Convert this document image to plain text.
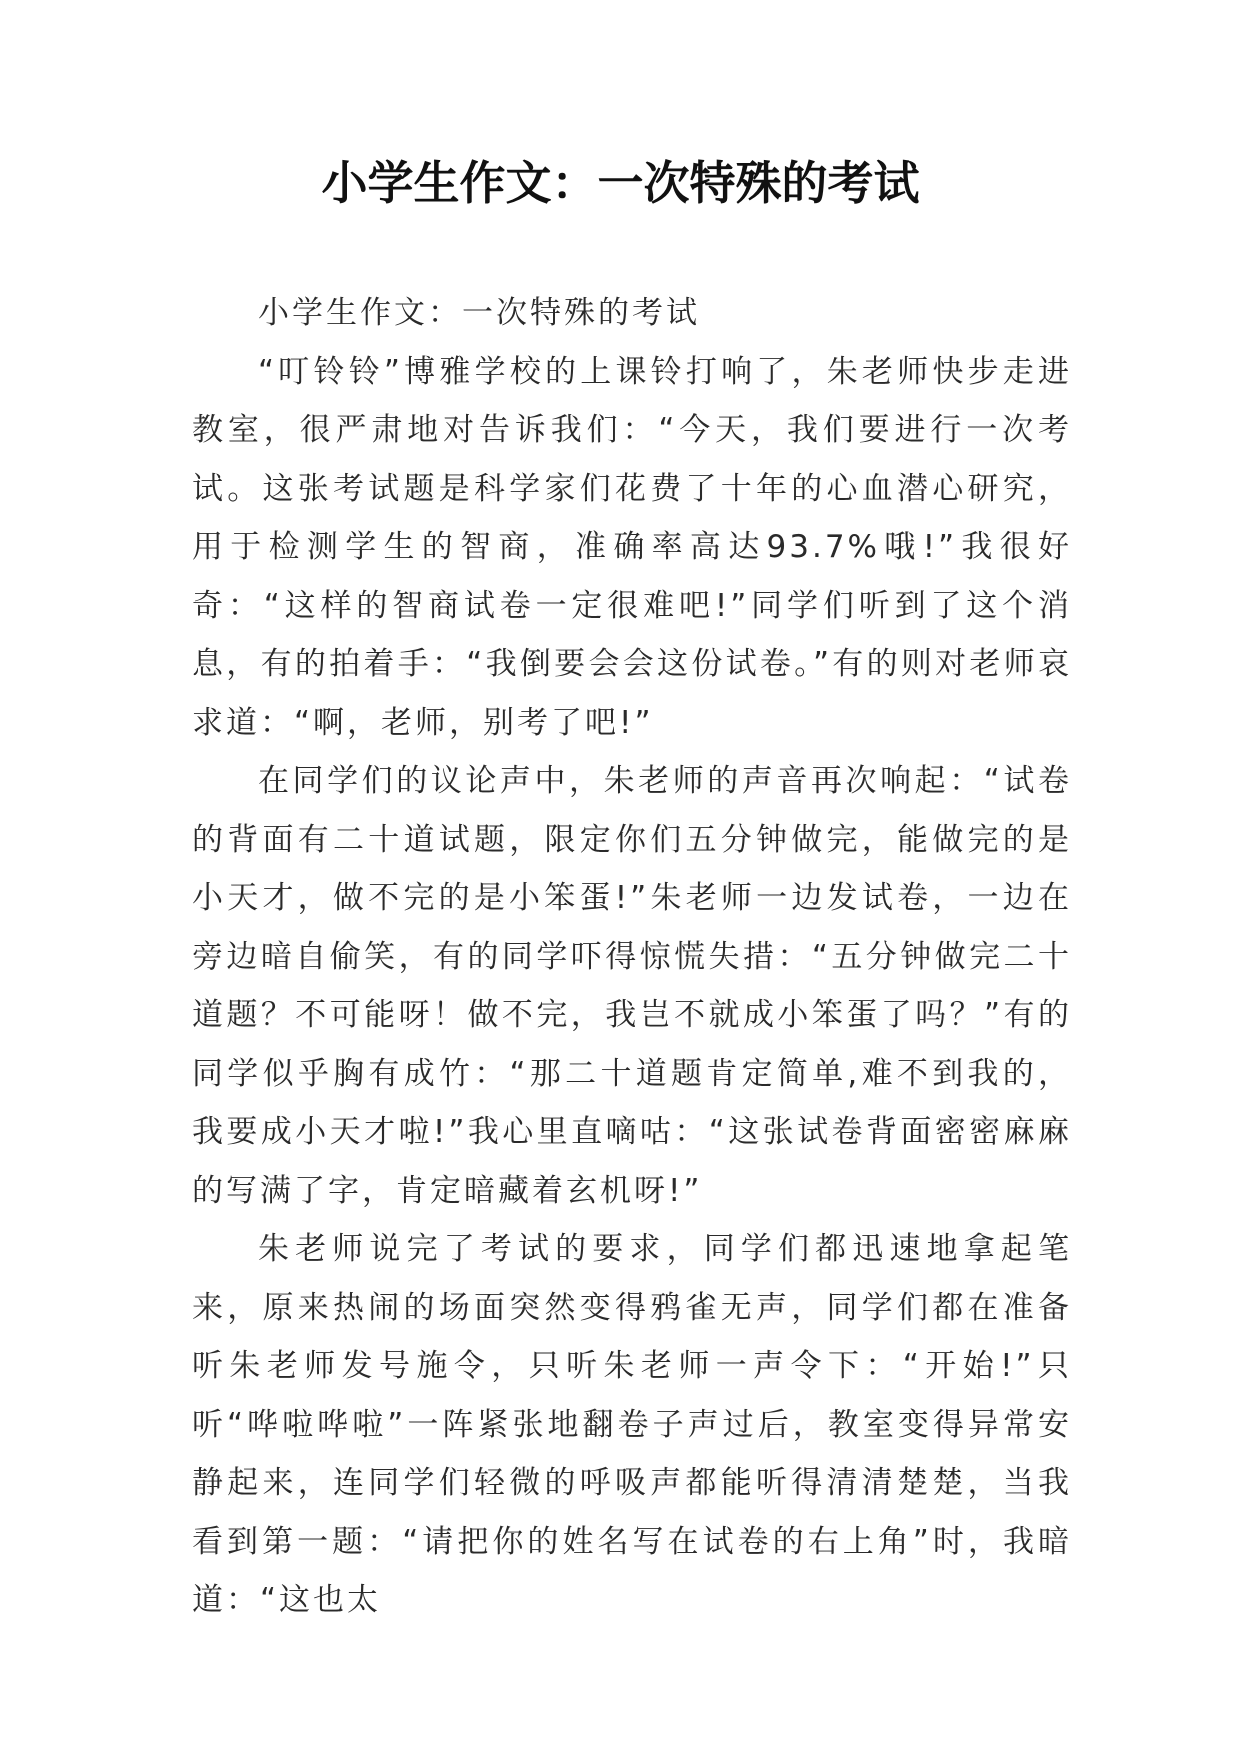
小学生作文：一次特殊的考试

小学生作文：一次特殊的考试

“叮铃铃”博雅学校的上课铃打响了，朱老师快步走进教室，很严肃地对告诉我们：“今天，我们要进行一次考试。这张考试题是科学家们花费了十年的心血潜心研究，用于检测学生的智商，准确率高达93.7%哦!”我很好奇：“这样的智商试卷一定很难吧!”同学们听到了这个消息，有的拍着手：“我倒要会会这份试卷。”有的则对老师哀求道：“啊，老师，别考了吧!”

在同学们的议论声中，朱老师的声音再次响起：“试卷的背面有二十道试题，限定你们五分钟做完，能做完的是小天才，做不完的是小笨蛋!”朱老师一边发试卷，一边在旁边暗自偷笑，有的同学吓得惊慌失措：“五分钟做完二十道题？不可能呀！做不完，我岂不就成小笨蛋了吗？”有的同学似乎胸有成竹：“那二十道题肯定简单,难不到我的，我要成小天才啦!”我心里直嘀咕：“这张试卷背面密密麻麻的写满了字，肯定暗藏着玄机呀!”

朱老师说完了考试的要求，同学们都迅速地拿起笔来，原来热闹的场面突然变得鸦雀无声，同学们都在准备听朱老师发号施令，只听朱老师一声令下：“开始!”只听“哗啦哗啦”一阵紧张地翻卷子声过后，教室变得异常安静起来，连同学们轻微的呼吸声都能听得清清楚楚，当我看到第一题：“请把你的姓名写在试卷的右上角”时，我暗道：“这也太
